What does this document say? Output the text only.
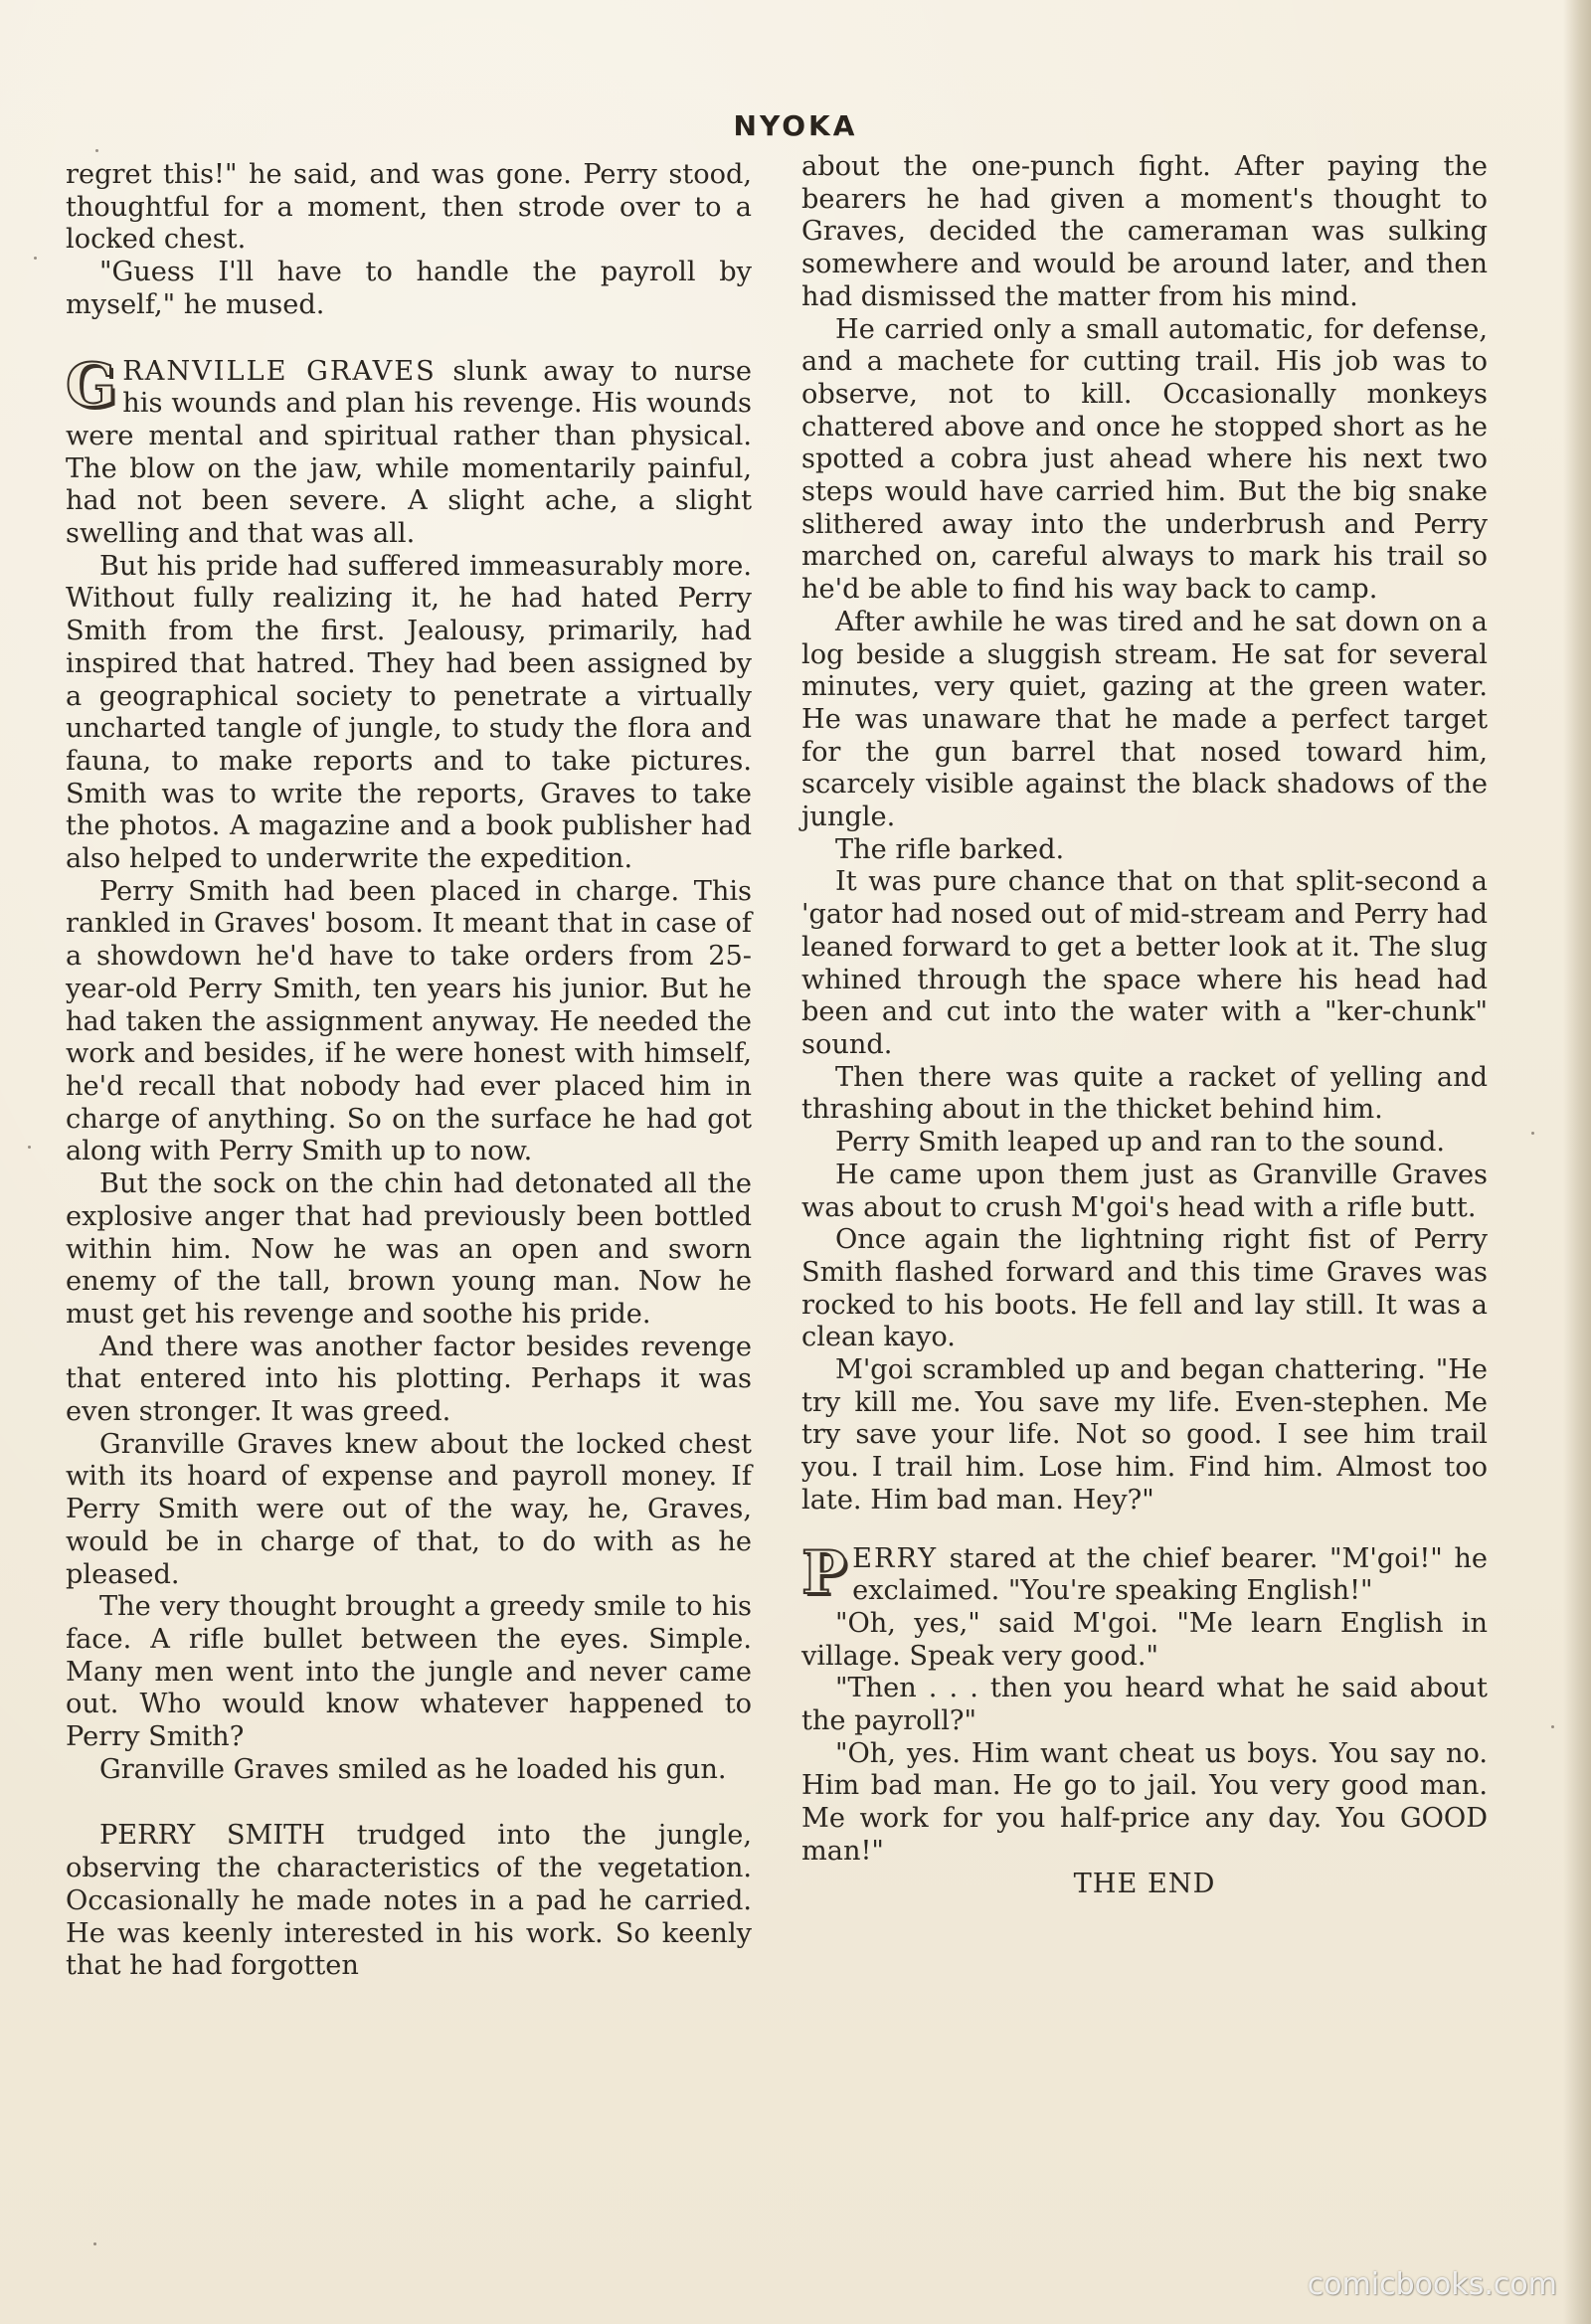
NYOKA

regret this!" he said, and was gone. Perry stood, thoughtful for a moment, then strode over to a locked chest.

"Guess I'll have to handle the payroll by myself," he mused.

GRANVILLE GRAVES slunk away to nurse his wounds and plan his revenge. His wounds were mental and spiritual rather than physical. The blow on the jaw, while momentarily painful, had not been severe. A slight ache, a slight swelling and that was all.

But his pride had suffered immeasurably more. Without fully realizing it, he had hated Perry Smith from the first. Jealousy, primarily, had inspired that hatred. They had been assigned by a geographical society to penetrate a virtually uncharted tangle of jungle, to study the flora and fauna, to make reports and to take pictures. Smith was to write the reports, Graves to take the photos. A magazine and a book publisher had also helped to underwrite the expedition.

Perry Smith had been placed in charge. This rankled in Graves' bosom. It meant that in case of a showdown he'd have to take orders from 25-year-old Perry Smith, ten years his junior. But he had taken the assignment anyway. He needed the work and besides, if he were honest with himself, he'd recall that nobody had ever placed him in charge of anything. So on the surface he had got along with Perry Smith up to now.

But the sock on the chin had detonated all the explosive anger that had previously been bottled within him. Now he was an open and sworn enemy of the tall, brown young man. Now he must get his revenge and soothe his pride.

And there was another factor besides revenge that entered into his plotting. Perhaps it was even stronger. It was greed.

Granville Graves knew about the locked chest with its hoard of expense and payroll money. If Perry Smith were out of the way, he, Graves, would be in charge of that, to do with as he pleased.

The very thought brought a greedy smile to his face. A rifle bullet between the eyes. Simple. Many men went into the jungle and never came out. Who would know whatever happened to Perry Smith?

Granville Graves smiled as he loaded his gun.

PERRY SMITH trudged into the jungle, observing the characteristics of the vegetation. Occasionally he made notes in a pad he carried. He was keenly interested in his work. So keenly that he had forgotten

about the one-punch fight. After paying the bearers he had given a moment's thought to Graves, decided the cameraman was sulking somewhere and would be around later, and then had dismissed the matter from his mind.

He carried only a small automatic, for defense, and a machete for cutting trail. His job was to observe, not to kill. Occasionally monkeys chattered above and once he stopped short as he spotted a cobra just ahead where his next two steps would have carried him. But the big snake slithered away into the underbrush and Perry marched on, careful always to mark his trail so he'd be able to find his way back to camp.

After awhile he was tired and he sat down on a log beside a sluggish stream. He sat for several minutes, very quiet, gazing at the green water. He was unaware that he made a perfect target for the gun barrel that nosed toward him, scarcely visible against the black shadows of the jungle.

The rifle barked.

It was pure chance that on that split-second a 'gator had nosed out of mid-stream and Perry had leaned forward to get a better look at it. The slug whined through the space where his head had been and cut into the water with a "ker-chunk" sound.

Then there was quite a racket of yelling and thrashing about in the thicket behind him.

Perry Smith leaped up and ran to the sound.

He came upon them just as Granville Graves was about to crush M'goi's head with a rifle butt.

Once again the lightning right fist of Perry Smith flashed forward and this time Graves was rocked to his boots. He fell and lay still. It was a clean kayo.

M'goi scrambled up and began chattering. "He try kill me. You save my life. Even-stephen. Me try save your life. Not so good. I see him trail you. I trail him. Lose him. Find him. Almost too late. Him bad man. Hey?"

PERRY stared at the chief bearer. "M'goi!" he exclaimed. "You're speaking English!"

"Oh, yes," said M'goi. "Me learn English in village. Speak very good."

"Then . . . then you heard what he said about the payroll?"

"Oh, yes. Him want cheat us boys. You say no. Him bad man. He go to jail. You very good man. Me work for you half-price any day. You GOOD man!"

THE END

comicbooks.com
